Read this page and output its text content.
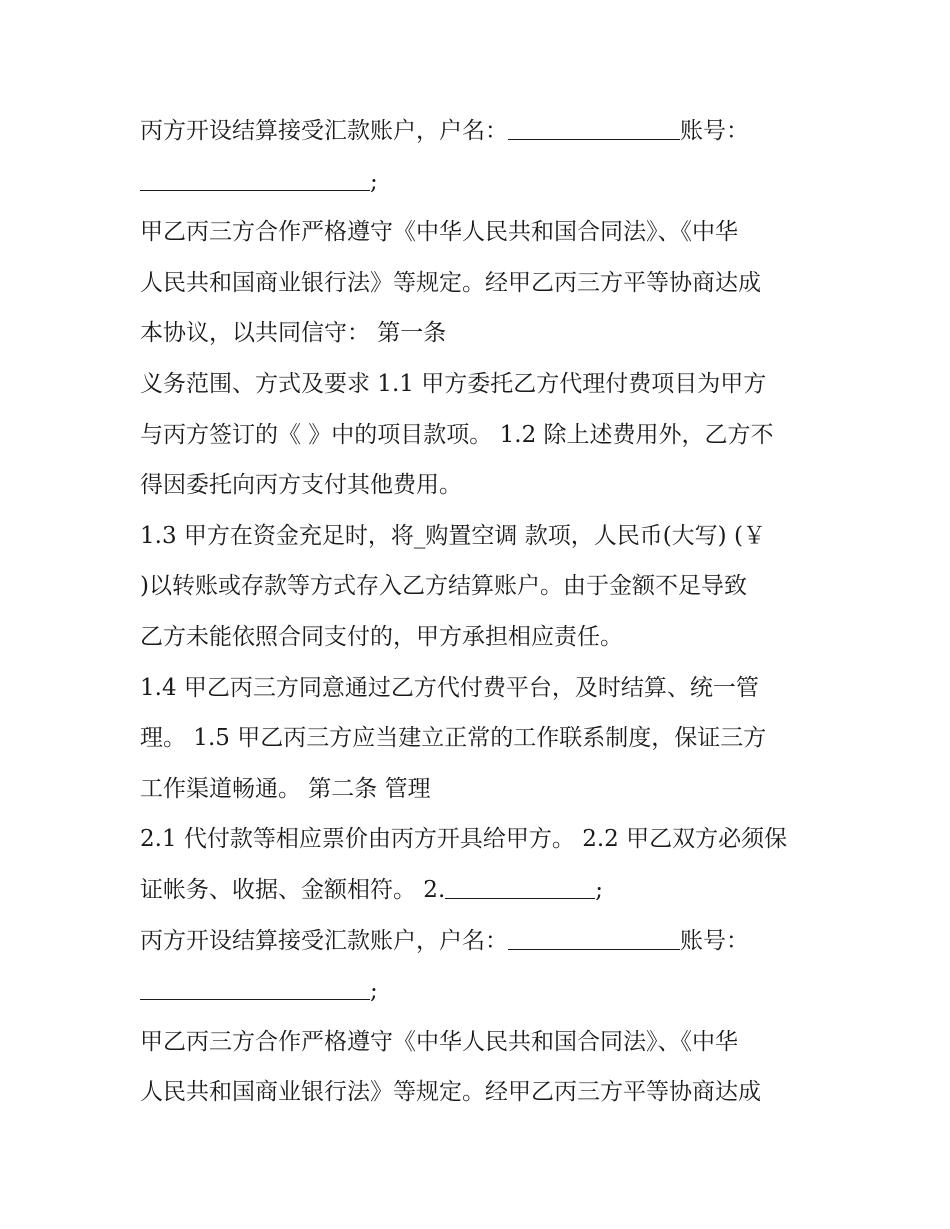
丙方开设结算接受汇款账户，户名：	账号：
;
甲乙丙三方合作严格遵守《中华人民共和国合同法》、《中华
人民共和国商业银行法》等规定。经甲乙丙三方平等协商达成
本协议，以共同信守： 第一条
义务范围、方式及要求 1.1 甲方委托乙方代理付费项目为甲方
与丙方签订的《 》中的项目款项。 1.2 除上述费用外，乙方不
得因委托向丙方支付其他费用。
1.3 甲方在资金充足时，将_购置空调 款项，人民币(大写) (￥
)以转账或存款等方式存入乙方结算账户。由于金额不足导致
乙方未能依照合同支付的，甲方承担相应责任。
1.4 甲乙丙三方同意通过乙方代付费平台，及时结算、统一管
理。 1.5 甲乙丙三方应当建立正常的工作联系制度，保证三方
工作渠道畅通。 第二条 管理
2.1 代付款等相应票价由丙方开具给甲方。 2.2 甲乙双方必须保
证帐务、收据、金额相符。 2.	;
丙方开设结算接受汇款账户，户名：	账号：
;
甲乙丙三方合作严格遵守《中华人民共和国合同法》、《中华
人民共和国商业银行法》等规定。经甲乙丙三方平等协商达成
